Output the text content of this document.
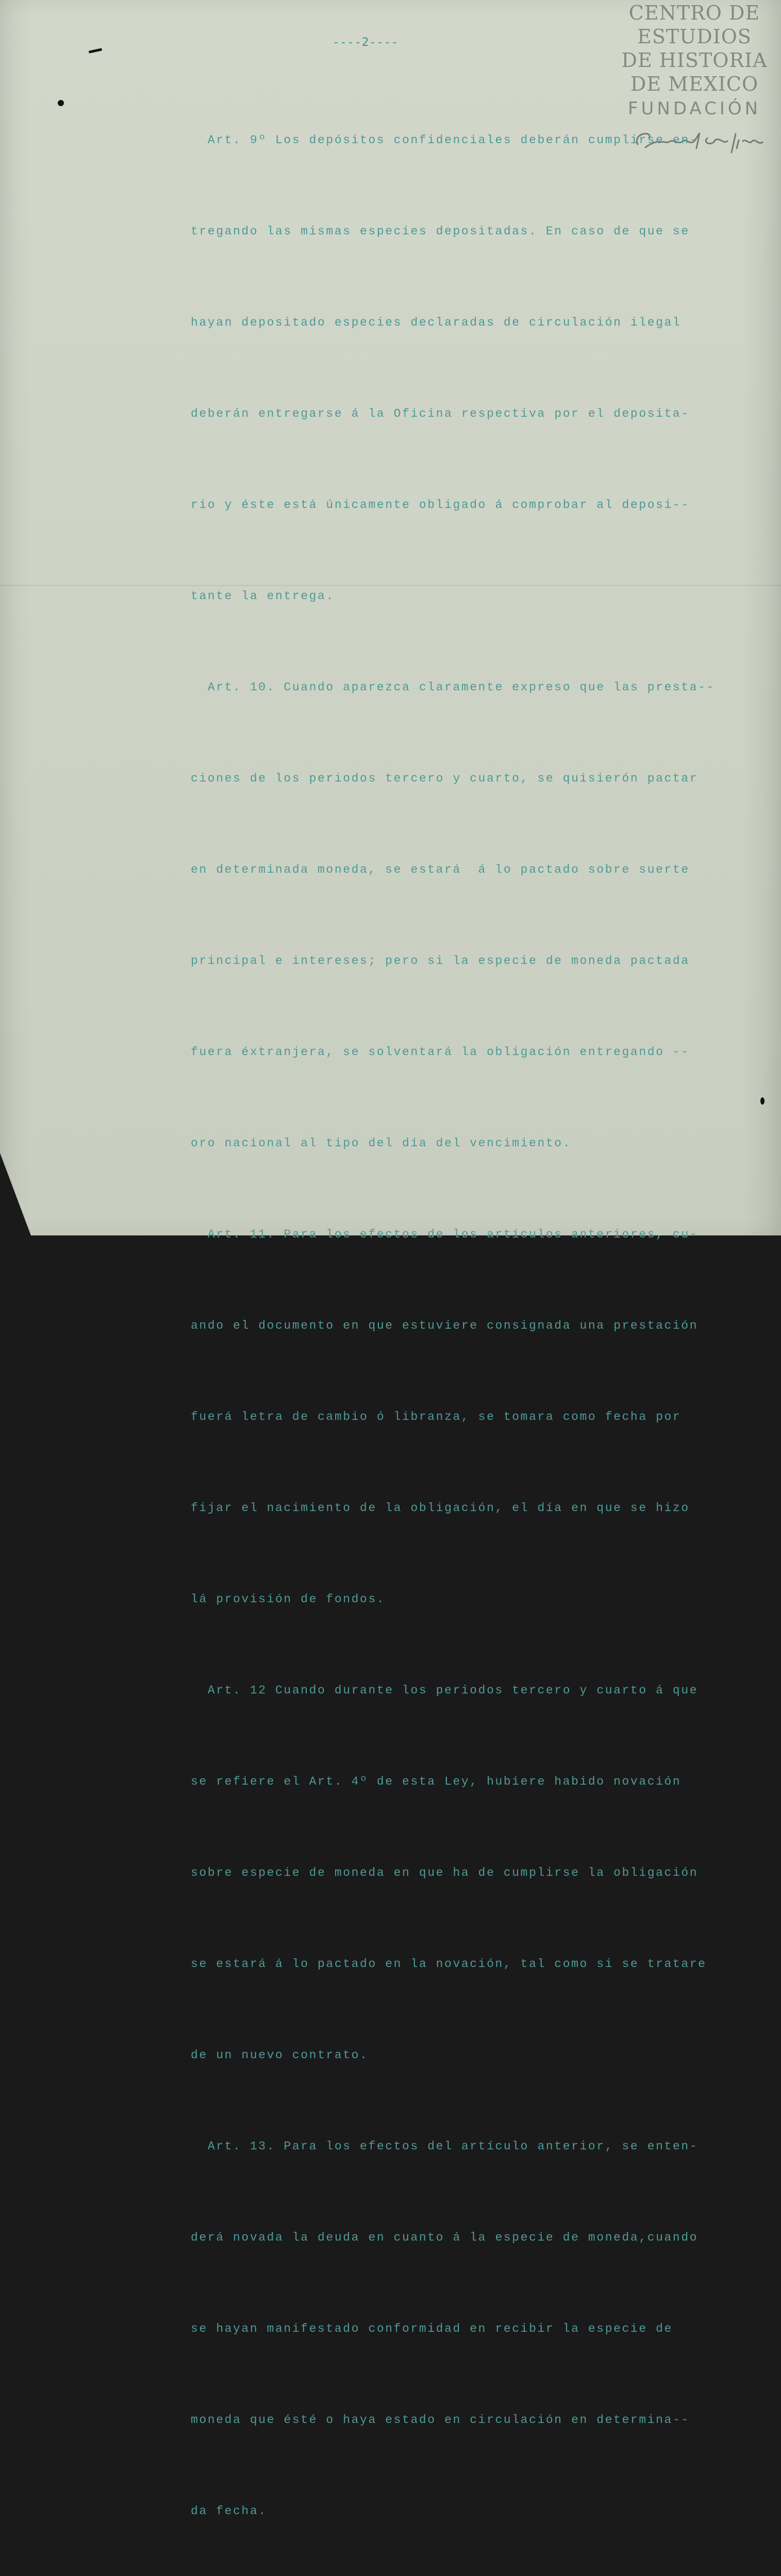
CENTRO DE
ESTUDIOS
DE HISTORIA
DE MEXICO
FUNDACIÓN
----2----

Art. 9º Los depósitos confidenciales deberán cumplirse en-

tregando las mismas especies depositadas. En caso de que se

hayan depositado especies declaradas de circulación ilegal

deberán entregarse á la Oficina respectiva por el deposita-

rio y éste está únicamente obligado á comprobar al deposi--

tante la entrega.

Art. 10. Cuando aparezca claramente expreso que las presta--

ciones de los periodos tercero y cuarto, se quisierón pactar

en determinada moneda, se estará  á lo pactado sobre suerte

principal e intereses; pero si la especie de moneda pactada

fuera éxtranjera, se solventará la obligación entregando --

oro nacional al tipo del día del vencimiento.

Art. 11. Para los efectos de los artículos anteriores, cu-

ando el documento en que estuviere consignada una prestación

fuerá letra de cambio ó libranza, se tomara como fecha por

fijar el nacimiento de la obligación, el día en que se hizo

lá provisión de fondos.

Art. 12 Cuando durante los periodos tercero y cuarto á que

se refiere el Art. 4º de esta Ley, hubiere habido novación

sobre especie de moneda en que ha de cumplirse la obligación

se estará á lo pactado en la novación, tal como si se tratare

de un nuevo contrato.

Art. 13. Para los efectos del artículo anterior, se enten-

derá novada la deuda en cuanto á la especie de moneda,cuando

se hayan manifestado conformidad en recibir la especie de

moneda que ésté o haya estado en circulación en determina--

da fecha.
